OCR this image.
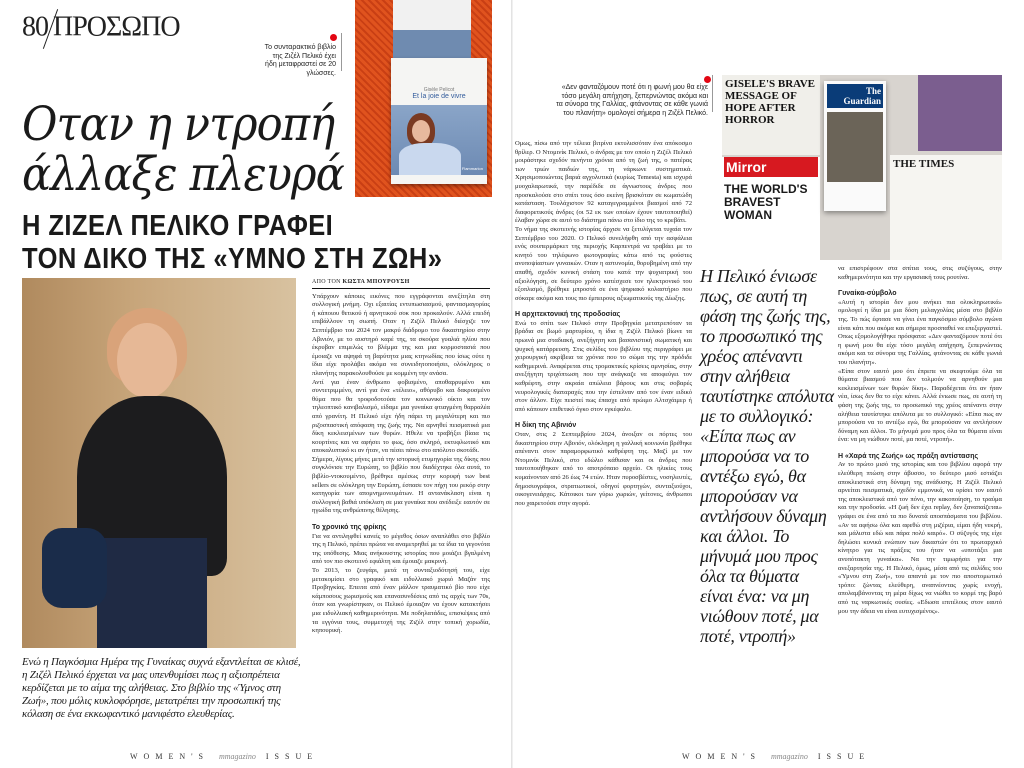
80 ΠΡΟΣΩΠΟ
Το συνταρακτικό βιβλίο της Ζιζέλ Πελικό έχει ήδη μεταφραστεί σε 20 γλώσσες.
Gisèle Pelicot
Et la joie de vivre
Flammarion
Οταν η ντροπή
άλλαξε πλευρά
Η ΖΙΖΕΛ ΠΕΛΙΚΟ ΓΡΑΦΕΙ
ΤΟΝ ΔΙΚΟ ΤΗΣ «ΥΜΝΟ ΣΤΗ ΖΩΗ»
Ενώ η Παγκόσμια Ημέρα της Γυναίκας συχνά εξαντλείται σε κλισέ, η Ζιζέλ Πελικό έρχεται να μας υπενθυμίσει πως η αξιοπρέπεια κερδίζεται με το αίμα της αλήθειας. Στο βιβλίο της «Ύμνος στη Ζωή», που μόλις κυκλοφόρησε, μετατρέπει την προσωπική της κόλαση σε ένα εκκωφαντικό μανιφέστο ελευθερίας.
ΑΠΟ ΤΟΝ ΚΩΣΤΑ ΜΠΟΥΡΟΥΣΗ

Υπάρχουν κάποιες εικόνες που εγγράφονται ανεξίτηλα στη συλλογική μνήμη. Οχι εξαιτίας εντυπωσιασμού, φαντασμαγορίας ή κάποιου θετικού ή αρνητικού σοκ που προκαλούν. Αλλά επειδή επιβάλλουν τη σιωπή. Οταν η Ζιζέλ Πελικό διέσχιζε τον Σεπτέμβριο του 2024 τον μακρύ διάδρομο του δικαστηρίου στην Αβινιόν, με το αυστηρό καρέ της, τα σκούρα γυαλιά ηλίου που έκρυβαν επιμελώς το βλέμμα της και μια κορμοστασιά που έμοιαζε να αψηφά τη βαρύτητα μιας κτηνωδίας που ίσως ούτε η ίδια είχε προλάβει ακόμα να συνειδητοποιήσει, ολόκληρος ο πλανήτης παρακολουθούσε με κομμένη την ανάσα.

Αντί για έναν άνθρωπο φοβισμένο, αποθαρρυμένο και συντετριμμένο, αντί για ένα «τέλειο», αθόρυβο και δακρυσμένο θύμα που θα τροφοδοτούσε τον κοινωνικό οίκτο και τον τηλεοπτικό κανιβαλισμό, είδαμε μια γυναίκα φτιαγμένη θαρραλέα από γρανίτη. Η Πελικό είχε ήδη πάρει τη μεγαλύτερη και πιο ριζοσπαστική απόφαση της ζωής της. Να αρνηθεί πεισματικά μια δίκη κεκλεισμένων των θυρών. Ηθελε να τραβήξει βίαια τις κουρτίνες και να αφήσει το φως, όσο σκληρό, εκτυφλωτικό και αποκαλυπτικό κι αν ήταν, να πέσει πάνω στο απόλυτο σκοτάδι.

Σήμερα, λίγους μήνες μετά την ιστορική ετυμηγορία της δίκης που συγκλόνισε την Ευρώπη, το βιβλίο που διαδέχτηκε όλα αυτά, το βιβλίο-ντοκουμέντο, βρέθηκε αμέσως στην κορυφή των best sellers σε ολόκληρη την Ευρώπη, έσπασε τον πήχη του ρεκόρ στην κατηγορία των απομνημονευμάτων. Η αντανάκλαση είναι η συλλογική βαθιά υπόκλιση σε μια γυναίκα που ανέδειξε εαυτόν σε ηγωίδα της ανθρώπινης θέλησης.

Το χρονικό της φρίκης

Για να αντιληφθεί κανείς το μέγεθος όσων αναπλάθει στο βιβλίο της η Πελικό, πρέπει πρώτα να αναμετρηθεί με τα ίδια τα γεγονότα της υπόθεσης. Μιας ανήκουστης ιστορίας που μοιάζει βγαλμένη από τον πιο σκοτεινό εφιάλτη και έμοιαζε μακρινή.

Το 2013, το ζευγάρι, μετά τη συνταξιοδότησή του, είχε μετακομίσει στο γραφικό και ειδυλλιακό χωριό Μαζάν της Προβηγκίας. Επειτα από έναν μάλλον τραυματικό βίο που είχε κάμποσους χωρισμούς και επανασυνδέσεις από τις αρχές των 70s, όταν και γνωρίστηκαν, οι Πελικό έμοιαζαν να έχουν κατακτήσει μια ειδυλλιακή καθημερινότητα. Με ποδηλατάδες, επισκέψεις από τα εγγόνια τους, συμμετοχή της Ζιζέλ στην τοπική χορωδία, κηπουρική.

WOMEN'S mmagazino ISSUE
«Δεν φανταζόμουν ποτέ ότι η φωνή μου θα είχε τόσο μεγάλη απήχηση, ξεπερνώντας ακόμα και τα σύνορα της Γαλλίας, φτάνοντας σε κάθε γωνιά του πλανήτη» ομολογεί σήμερα η Ζιζέλ Πελικό.
GISELE'S BRAVE MESSAGE OF HOPE AFTER HORROR
Mirror
THE WORLD'S BRAVEST WOMAN
The Guardian
THE TIMES

Ομως, πίσω από την τέλεια βιτρίνα εκτυλισσόταν ένα απόκοσμο θρίλερ. Ο Ντομινίκ Πελικό, ο άνδρας με τον οποίο η Ζιζέλ Πελικό μοιράστηκε σχεδόν πενήντα χρόνια από τη ζωή της, ο πατέρας των τριών παιδιών της, τη νάρκωνε συστηματικά. Χρησιμοποιώντας βαριά αγχολυτικά (κυρίως Temesta) και ισχυρά μυοχαλαρωτικά, την παρέδιδε σε άγνωστους άνδρες που προσκαλούσε στο σπίτι τους όσο εκείνη βρισκόταν σε κωματώδη κατάσταση. Τουλάχιστον 92 καταγεγραμμένοι βιασμοί από 72 διαφορετικούς άνδρες (οι 52 εκ των οποίων έχουν ταυτοποιηθεί) έλαβαν χώρα σε αυτό το διάστημα πάνω στο ίδιο της το κρεβάτι.

Το νήμα της σκοτεινής ιστορίας άρχισε να ξετυλίγεται τυχαία τον Σεπτέμβριο του 2020. Ο Πελικό συνελήφθη από την ασφάλεια ενός σουπερμάρκετ της περιοχής Καρπεντρά να τραβάει με το κινητό του τηλέφωνο φωτογραφίες κάτω από τις φούστες ανυποψίαστων γυναικών. Οταν η αστυνομία, θορυβημένη από την απαθή, σχεδόν κυνική στάση του κατά την ψυχιατρική του αξιολόγηση, σε δεύτερο χρόνο κατέσχεσε τον ηλεκτρονικό του εξοπλισμό, βρέθηκε μπροστά σε ένα ψηφιακό κολαστήριο που σόκαρε ακόμα και τους πιο έμπειρους αξιωματικούς της Δίωξης.

Η αρχιτεκτονική της προδοσίας

Ενώ το σπίτι των Πελικό στην Προβηγκία μετατρεπόταν τα βράδια σε βωμό μαρτυρίου, η ίδια η Ζιζέλ Πελικό βίωνε τα πρωινά μια σταδιακή, ανεξήγητη και βασανιστική σωματική και ψυχική κατάρρευση. Στις σελίδες του βιβλίου της περιγράφει με χειρουργική ακρίβεια τα χρόνια που το σώμα της την πρόδιδε καθημερινά. Αναφέρεται στις τρομακτικές κρίσεις αμνησίας, στην ανεξήγητη τριχόπτωση που την ανάγκαζε να αποφεύγει τον καθρέφτη, στην ακραία απώλεια βάρους και στις σοβαρές νευρολογικές διαταραχές που την έστελναν από τον έναν ειδικό στον άλλον. Είχε πειστεί πως έπασχε από πρώιμο Αλτσχάιμερ ή από κάποιον επιθετικό όγκο στον εγκέφαλο.

Η δίκη της Αβινιόν

Οταν, στις 2 Σεπτεμβρίου 2024, άνοιξαν οι πόρτες του δικαστηρίου στην Αβινιόν, ολόκληρη η γαλλική κοινωνία βρέθηκε απέναντι στον παραμορφωτικό καθρέφτη της. Μαζί με τον Ντομινίκ Πελικό, στο εδώλιο κάθισαν και οι άνδρες που ταυτοποιήθηκαν από το αποτρόπαιο αρχείο. Οι ηλικίες τους κυμαίνονταν από 26 έως 74 ετών. Ηταν πυροσβέστες, νοσηλευτές, δημοσιογράφοι, στρατιωτικοί, οδηγοί φορτηγών, συνταξιούχοι, οικογενειάρχες. Κάτοικοι των γύρω χωριών, γείτονες, άνθρωποι που χαιρετούσε στην αγορά.

Η Πελικό ένιωσε πως, σε αυτή τη φάση της ζωής της, το προσωπικό της χρέος απέναντι στην αλήθεια ταυτίστηκε απόλυτα με το συλλογικό: «Είπα πως αν μπορούσα να το αντέξω εγώ, θα μπορούσαν να αντλήσουν δύναμη και άλλοι. Το μήνυμά μου προς όλα τα θύματα είναι ένα: να μη νιώθουν ποτέ, μα ποτέ, ντροπή»

να επιστρέφουν στα σπίτια τους, στις συζύγους, στην καθημερινότητα και την εργασιακή τους ρουτίνα.

Γυναίκα-σύμβολο

«Αυτή η ιστορία δεν μου ανήκει πια ολοκληρωτικά» ομολογεί η ίδια με μια δόση μελαγχολίας μέσα στο βιβλίο της. Το πώς έφτασε να γίνει ένα παγκόσμιο σύμβολο αγώνα είναι κάτι που ακόμα και σήμερα προσπαθεί να επεξεργαστεί. Οπως εξομολογήθηκε πρόσφατα: «Δεν φανταζόμουν ποτέ ότι η φωνή μου θα είχε τόσο μεγάλη απήχηση, ξεπερνώντας ακόμα και τα σύνορα της Γαλλίας, φτάνοντας σε κάθε γωνιά του πλανήτη».

«Είπα στον εαυτό μου ότι έπρεπε να σκεφτούμε όλα τα θύματα βιασμού που δεν τολμούν να αρνηθούν μια κεκλεισμένων των θυρών δίκη». Παραδέχεται ότι αν ήταν νέα, ίσως δεν θα το είχε κάνει. Αλλά ένιωσε πως, σε αυτή τη φάση της ζωής της, το προσωπικό της χρέος απέναντι στην αλήθεια ταυτίστηκε απόλυτα με το συλλογικό: «Είπα πως αν μπορούσα να το αντέξω εγώ, θα μπορούσαν να αντλήσουν δύναμη και άλλοι. Το μήνυμά μου προς όλα τα θύματα είναι ένα: να μη νιώθουν ποτέ, μα ποτέ, ντροπή».

Η «Χαρά της Ζωής» ως πράξη αντίστασης

Αν το πρώτο μισό της ιστορίας και του βιβλίου αφορά την ελεύθερη πτώση στην άβυσσο, το δεύτερο μισό εστιάζει αποκλειστικά στη δύναμη της ανάδυσης. Η Ζιζέλ Πελικό αρνείται πεισματικά, σχεδόν εμμονικά, να ορίσει τον εαυτό της αποκλειστικά από τον πόνο, την κακοποίηση, το τραύμα και την προδοσία. «Η ζωή δεν έχει replay, δεν ξαναπαίζεται» γράφει σε ένα από τα πιο δυνατά αποσπάσματα του βιβλίου. «Αν τα αφήσω όλα και αφεθώ στη μιζέρια, είμαι ήδη νεκρή, και μάλιστα εδώ και πάρα πολύ καιρό». Ο σύζυγός της είχε δηλώσει κυνικά ενώπιον των δικαστών ότι το πρωταρχικό κίνητρο για τις πράξεις του ήταν να «υποτάξει μια ανυπότακτη γυναίκα». Να την τιμωρήσει για την ανεξαρτησία της. Η Πελικό, όμως, μέσα από τις σελίδες του «Ύμνου στη Ζωή», του απαντά με τον πιο αποστομωτικό τρόπο: ζώντας ελεύθερη, αναπνέοντας χωρίς ενοχή, απολαμβάνοντας τη μέρα δίχως να νιώθει το κορμί της βαρύ από τις ναρκωτικές ουσίες. «Εδωσα επιτέλους στον εαυτό μου την άδεια να είναι ευτυχισμένος».

WOMEN'S mmagazino ISSUE
